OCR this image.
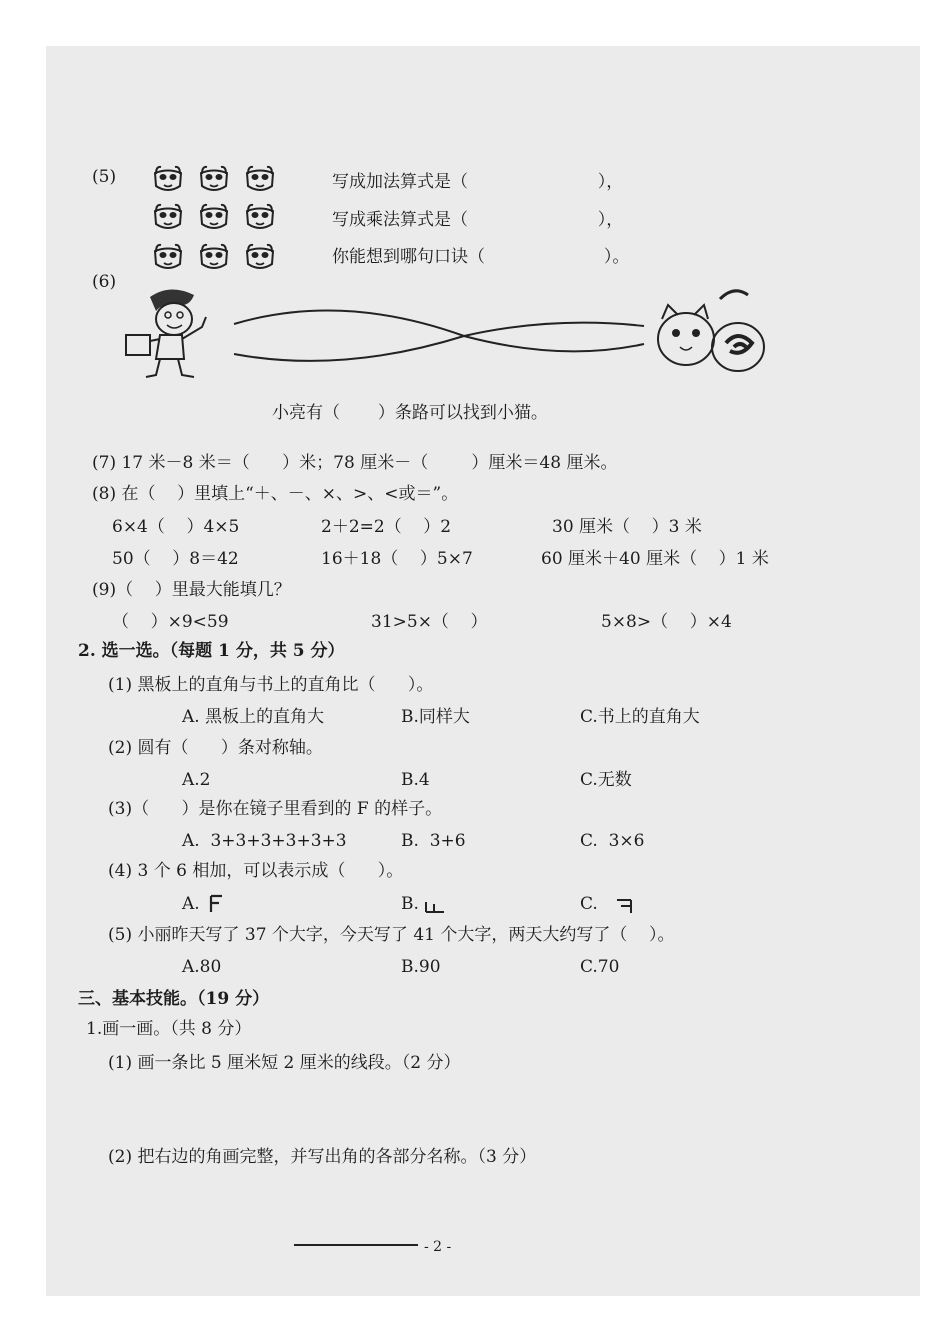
(5)	写成加法算式是（                        ），
写成乘法算式是（                        ），
你能想到哪句口诀（                      ）。
(6)
小亮有（       ）条路可以找到小猫。
(7) 17 米－8 米＝（      ）米；78 厘米－（        ）厘米＝48 厘米。
(8) 在（    ）里填上“＋、－、×、>、<或＝”。
6×4（    ）4×5	2＋2=2（    ）2	30 厘米（    ）3 米
50（    ）8＝42	16＋18（    ）5×7	60 厘米＋40 厘米（    ）1 米
(9)（    ）里最大能填几？
（    ）×9<59	31>5×（    ）	5×8>（    ）×4
2. 选一选。（每题 1 分，共 5 分）
(1) 黑板上的直角与书上的直角比（      ）。
A. 黑板上的直角大	B.同样大	C.书上的直角大
(2) 圆有（      ）条对称轴。
A.2	B.4	C.无数
(3)（      ）是你在镜子里看到的 F 的样子。
A.  3+3+3+3+3+3	B.  3+6	C.  3×6
(4) 3 个 6 相加，可以表示成（      ）。
A.	B.	C.
(5) 小丽昨天写了 37 个大字，今天写了 41 个大字，两天大约写了（    ）。
A.80	B.90	C.70
三、基本技能。（19 分）
1.画一画。（共 8 分）
(1) 画一条比 5 厘米短 2 厘米的线段。（2 分）
(2) 把右边的角画完整，并写出角的各部分名称。（3 分）
- 2 -
